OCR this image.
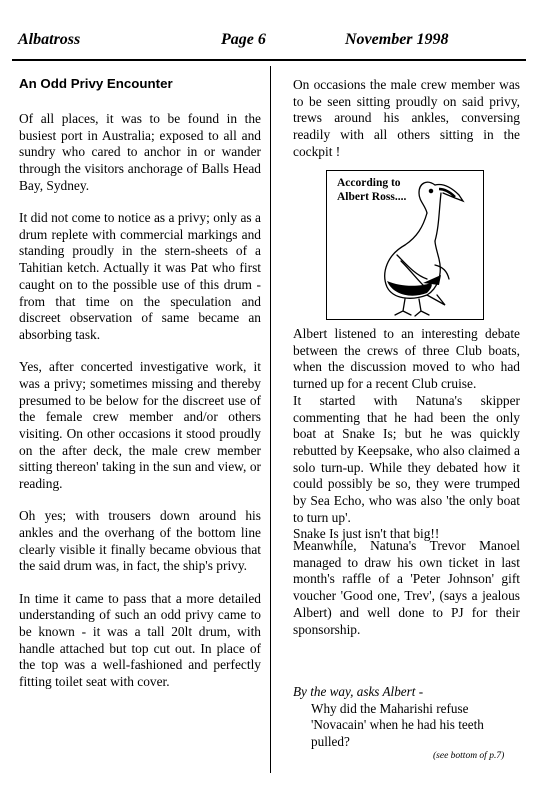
Albatross	Page 6	November 1998
An Odd Privy Encounter

Of all places, it was to be found in the busiest port in Australia; exposed to all and sundry who cared to anchor in or wander through the visitors anchorage of Balls Head Bay, Sydney.

It did not come to notice as a privy; only as a drum replete with commercial markings and standing proudly in the stern-sheets of a Tahitian ketch. Actually it was Pat who first caught on to the possible use of this drum - from that time on the speculation and discreet observation of same became an absorbing task.

Yes, after concerted investigative work, it was a privy; sometimes missing and thereby presumed to be below for the discreet use of the female crew member and/or others visiting. On other occasions it stood proudly on the after deck, the male crew member sitting thereon' taking in the sun and view, or reading.

Oh yes; with trousers down around his ankles and the overhang of the bottom line clearly visible it finally became obvious that the said drum was, in fact, the ship's privy.

In time it came to pass that a more detailed understanding of such an odd privy came to be known - it was a tall 20lt drum, with handle attached but top cut out. In place of the top was a well-fashioned and perfectly fitting toilet seat with cover.

On occasions the male crew member was to be seen sitting proudly on said privy, trews around his ankles, conversing readily with all others sitting in the cockpit !

According to
Albert Ross....

Albert listened to an interesting debate between the crews of three Club boats, when the discussion moved to who had turned up for a recent Club cruise.

It started with Natuna's skipper commenting that he had been the only boat at Snake Is; but he was quickly rebutted by Keepsake, who also claimed a solo turn-up. While they debated how it could possibly be so, they were trumped by Sea Echo, who was also 'the only boat to turn up'.

Snake Is just isn't that big!!

Meanwhile, Natuna's Trevor Manoel managed to draw his own ticket in last month's raffle of a 'Peter Johnson' gift voucher 'Good one, Trev', (says a jealous Albert) and well done to PJ for their sponsorship.

By the way, asks Albert -
Why did the Maharishi refuse 'Novacain' when he had his teeth pulled?
(see bottom of p.7)
